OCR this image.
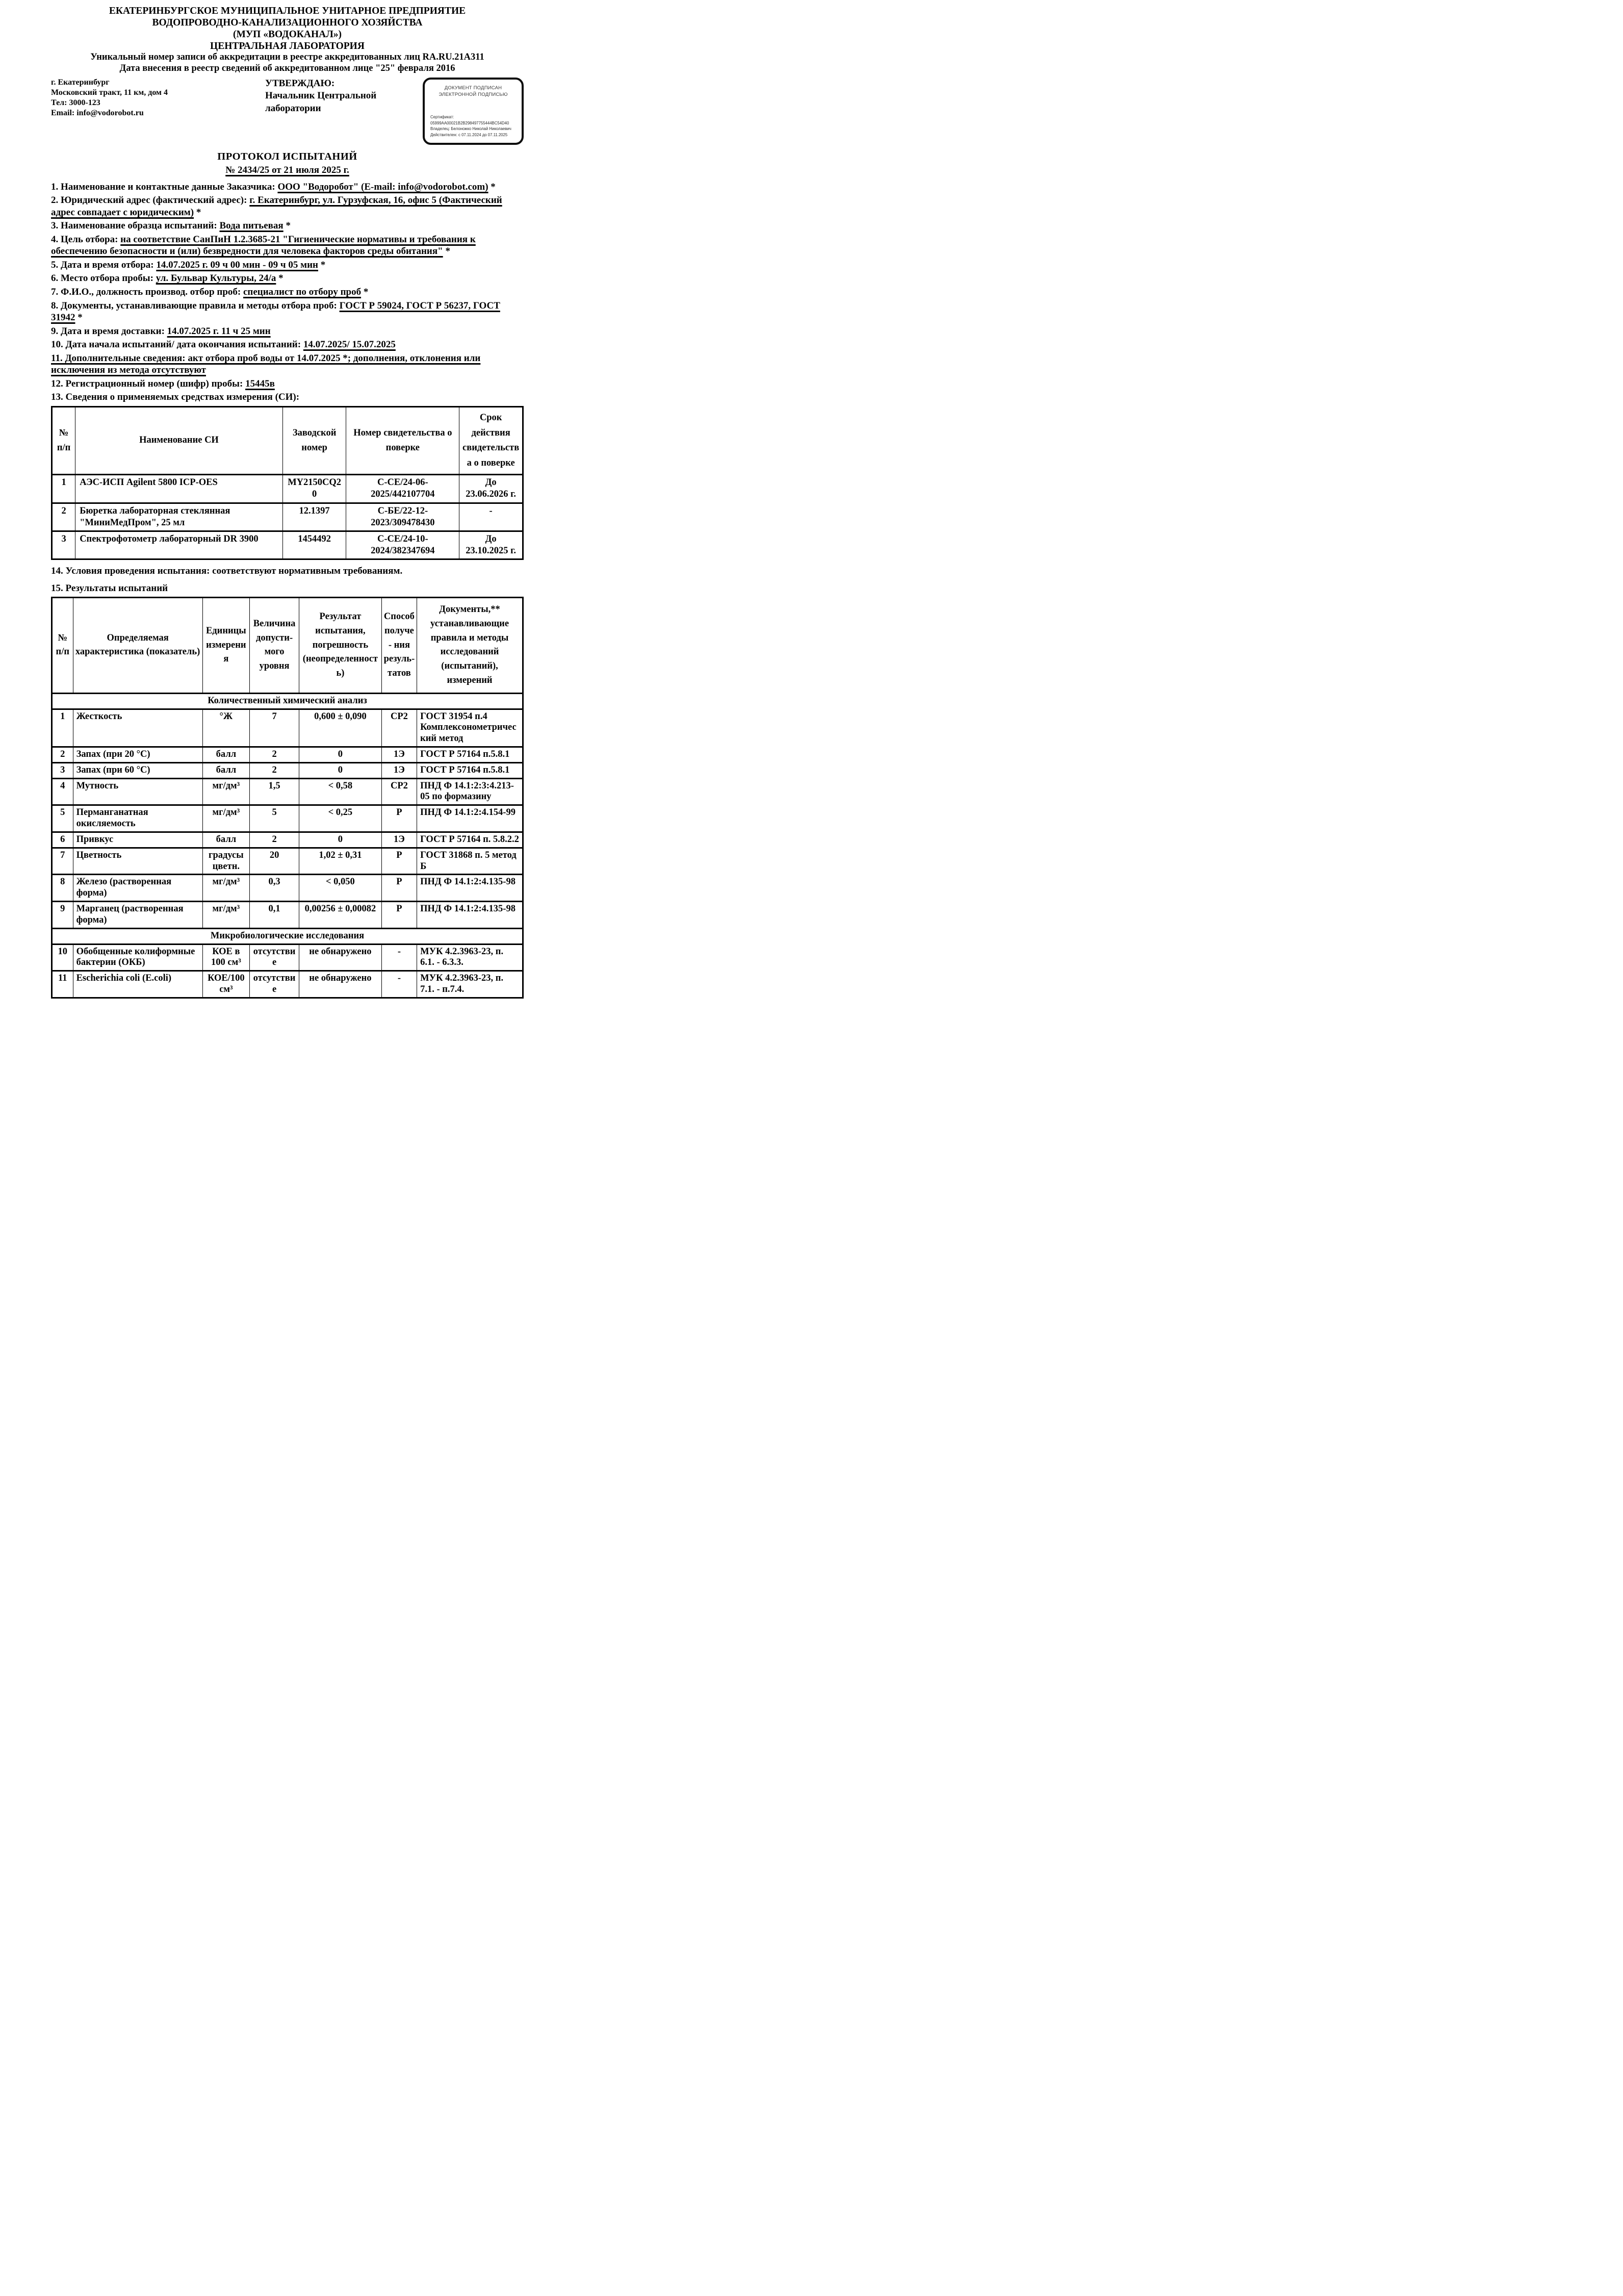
ЕКАТЕРИНБУРГСКОЕ МУНИЦИПАЛЬНОЕ УНИТАРНОЕ ПРЕДПРИЯТИЕ
ВОДОПРОВОДНО-КАНАЛИЗАЦИОННОГО ХОЗЯЙСТВА
(МУП «ВОДОКАНАЛ»)
ЦЕНТРАЛЬНАЯ ЛАБОРАТОРИЯ
Уникальный номер записи об аккредитации в реестре аккредитованных лиц RA.RU.21A311
Дата внесения в реестр сведений об аккредитованном лице "25" февраля 2016
г. Екатеринбург
Московский тракт, 11 км, дом 4
Тел: 3000-123
Email: info@vodorobot.ru
УТВЕРЖДАЮ:
Начальник Центральной
лаборатории
ДОКУМЕНТ ПОДПИСАН
ЭЛЕКТРОННОЙ ПОДПИСЬЮ
Сертификат:
05999AA00021B2B298497755444BC54D40
Владелец: Белоножко Николай Николаевич
Действителен: с 07.11.2024 до 07.11.2025
ПРОТОКОЛ ИСПЫТАНИЙ
№ 2434/25 от 21 июля 2025 г.

1. Наименование и контактные данные Заказчика: ООО "Водоробот" (E-mail: info@vodorobot.com) *

2. Юридический адрес (фактический адрес): г. Екатеринбург, ул. Гурзуфская, 16, офис 5 (Фактический адрес совпадает с юридическим) *

3. Наименование образца испытаний: Вода питьевая *

4. Цель отбора: на соответствие СанПиН 1.2.3685-21 "Гигиенические нормативы и требования к обеспечению безопасности и (или) безвредности для человека факторов среды обитания" *

5. Дата и время отбора: 14.07.2025 г. 09 ч 00 мин - 09 ч 05 мин *

6. Место отбора пробы: ул. Бульвар Культуры, 24/а *

7. Ф.И.О., должность производ. отбор проб: специалист по отбору проб *

8. Документы, устанавливающие правила и методы отбора проб: ГОСТ Р 59024, ГОСТ Р 56237, ГОСТ 31942 *

9. Дата и время доставки: 14.07.2025 г. 11 ч 25 мин

10. Дата начала испытаний/ дата окончания испытаний: 14.07.2025/ 15.07.2025

11. Дополнительные сведения: акт отбора проб воды от 14.07.2025 *; дополнения, отклонения или исключения из метода отсутствуют

12. Регистрационный номер (шифр) пробы: 15445в

13. Сведения о применяемых средствах измерения (СИ):

№ п/п	Наименование СИ	Заводской номер	Номер свидетельства о поверке	Срок действия свидетельства о поверке
1	АЭС-ИСП Agilent 5800 ICP-OES	MY2150CQ20	С-СЕ/24-06-2025/442107704	До 23.06.2026 г.
2	Бюретка лабораторная стеклянная "МиниМедПром", 25 мл	12.1397	С-БЕ/22-12-2023/309478430	-
3	Спектрофотометр лабораторный DR 3900	1454492	С-СЕ/24-10-2024/382347694	До 23.10.2025 г.

14. Условия проведения испытания: соответствуют нормативным требованиям.

15. Результаты испытаний

№ п/п	Определяемая характеристика (показатель)	Единицы измерения	Величина допусти- мого уровня	Результат испытания, погрешность (неопределенность)	Способ получе- ния резуль- татов	Документы,** устанавливающие правила и методы исследований (испытаний), измерений
Количественный химический анализ						
1	Жесткость	°Ж	7	0,600 ± 0,090	СР2	ГОСТ 31954 п.4 Комплексонометрический метод
2	Запах (при 20 °С)	балл	2	0	1Э	ГОСТ Р 57164 п.5.8.1
3	Запах (при 60 °С)	балл	2	0	1Э	ГОСТ Р 57164 п.5.8.1
4	Мутность	мг/дм³	1,5	< 0,58	СР2	ПНД Ф 14.1:2:3:4.213-05 по формазину
5	Перманганатная окисляемость	мг/дм³	5	< 0,25	Р	ПНД Ф 14.1:2:4.154-99
6	Привкус	балл	2	0	1Э	ГОСТ Р 57164 п. 5.8.2.2
7	Цветность	градусы цветн.	20	1,02 ± 0,31	Р	ГОСТ 31868 п. 5 метод Б
8	Железо (растворенная форма)	мг/дм³	0,3	< 0,050	Р	ПНД Ф 14.1:2:4.135-98
9	Марганец (растворенная форма)	мг/дм³	0,1	0,00256 ± 0,00082	Р	ПНД Ф 14.1:2:4.135-98
Микробиологические исследования						
10	Обобщенные колиформные бактерии (ОКБ)	КОЕ в 100 см³	отсутствие	не обнаружено	-	МУК 4.2.3963-23, п. 6.1. - 6.3.3.
11	Escherichia coli (E.coli)	КОЕ/100 см³	отсутствие	не обнаружено	-	МУК 4.2.3963-23, п. 7.1. - п.7.4.
